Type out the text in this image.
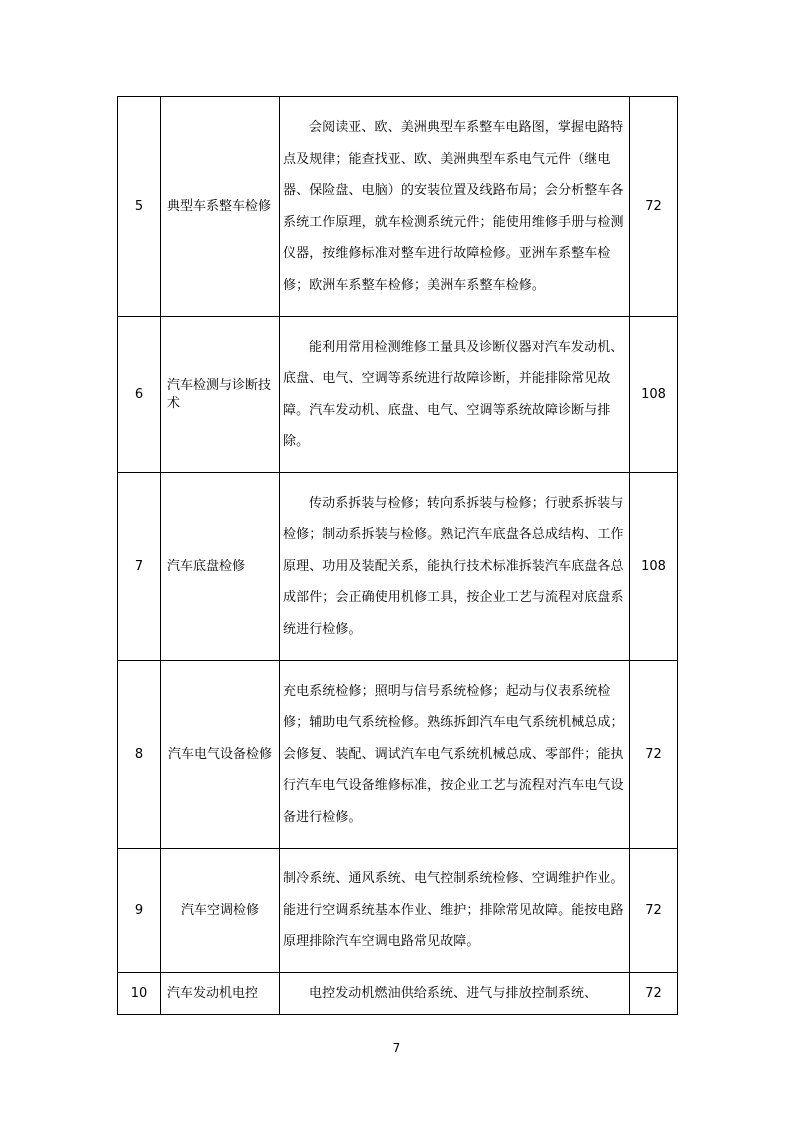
5	典型车系整车检修	会阅读亚、欧、美洲典型车系整车电路图，掌握电路特点及规律；能查找亚、欧、美洲典型车系电气元件（继电器、保险盘、电脑）的安装位置及线路布局；会分析整车各系统工作原理，就车检测系统元件；能使用维修手册与检测仪器，按维修标准对整车进行故障检修。亚洲车系整车检修；欧洲车系整车检修；美洲车系整车检修。	72
6	汽车检测与诊断技术	能利用常用检测维修工量具及诊断仪器对汽车发动机、底盘、电气、空调等系统进行故障诊断，并能排除常见故障。汽车发动机、底盘、电气、空调等系统故障诊断与排除。	108
7	汽车底盘检修	传动系拆装与检修；转向系拆装与检修；行驶系拆装与检修；制动系拆装与检修。熟记汽车底盘各总成结构、工作原理、功用及装配关系，能执行技术标准拆装汽车底盘各总成部件；会正确使用机修工具，按企业工艺与流程对底盘系统进行检修。	108
8	汽车电气设备检修	充电系统检修；照明与信号系统检修；起动与仪表系统检修；辅助电气系统检修。熟练拆卸汽车电气系统机械总成；会修复、装配、调试汽车电气系统机械总成、零部件；能执行汽车电气设备维修标准，按企业工艺与流程对汽车电气设备进行检修。	72
9	汽车空调检修	制冷系统、通风系统、电气控制系统检修、空调维护作业。能进行空调系统基本作业、维护；排除常见故障。能按电路原理排除汽车空调电路常见故障。	72
10	汽车发动机电控	电控发动机燃油供给系统、进气与排放控制系统、	72
7
